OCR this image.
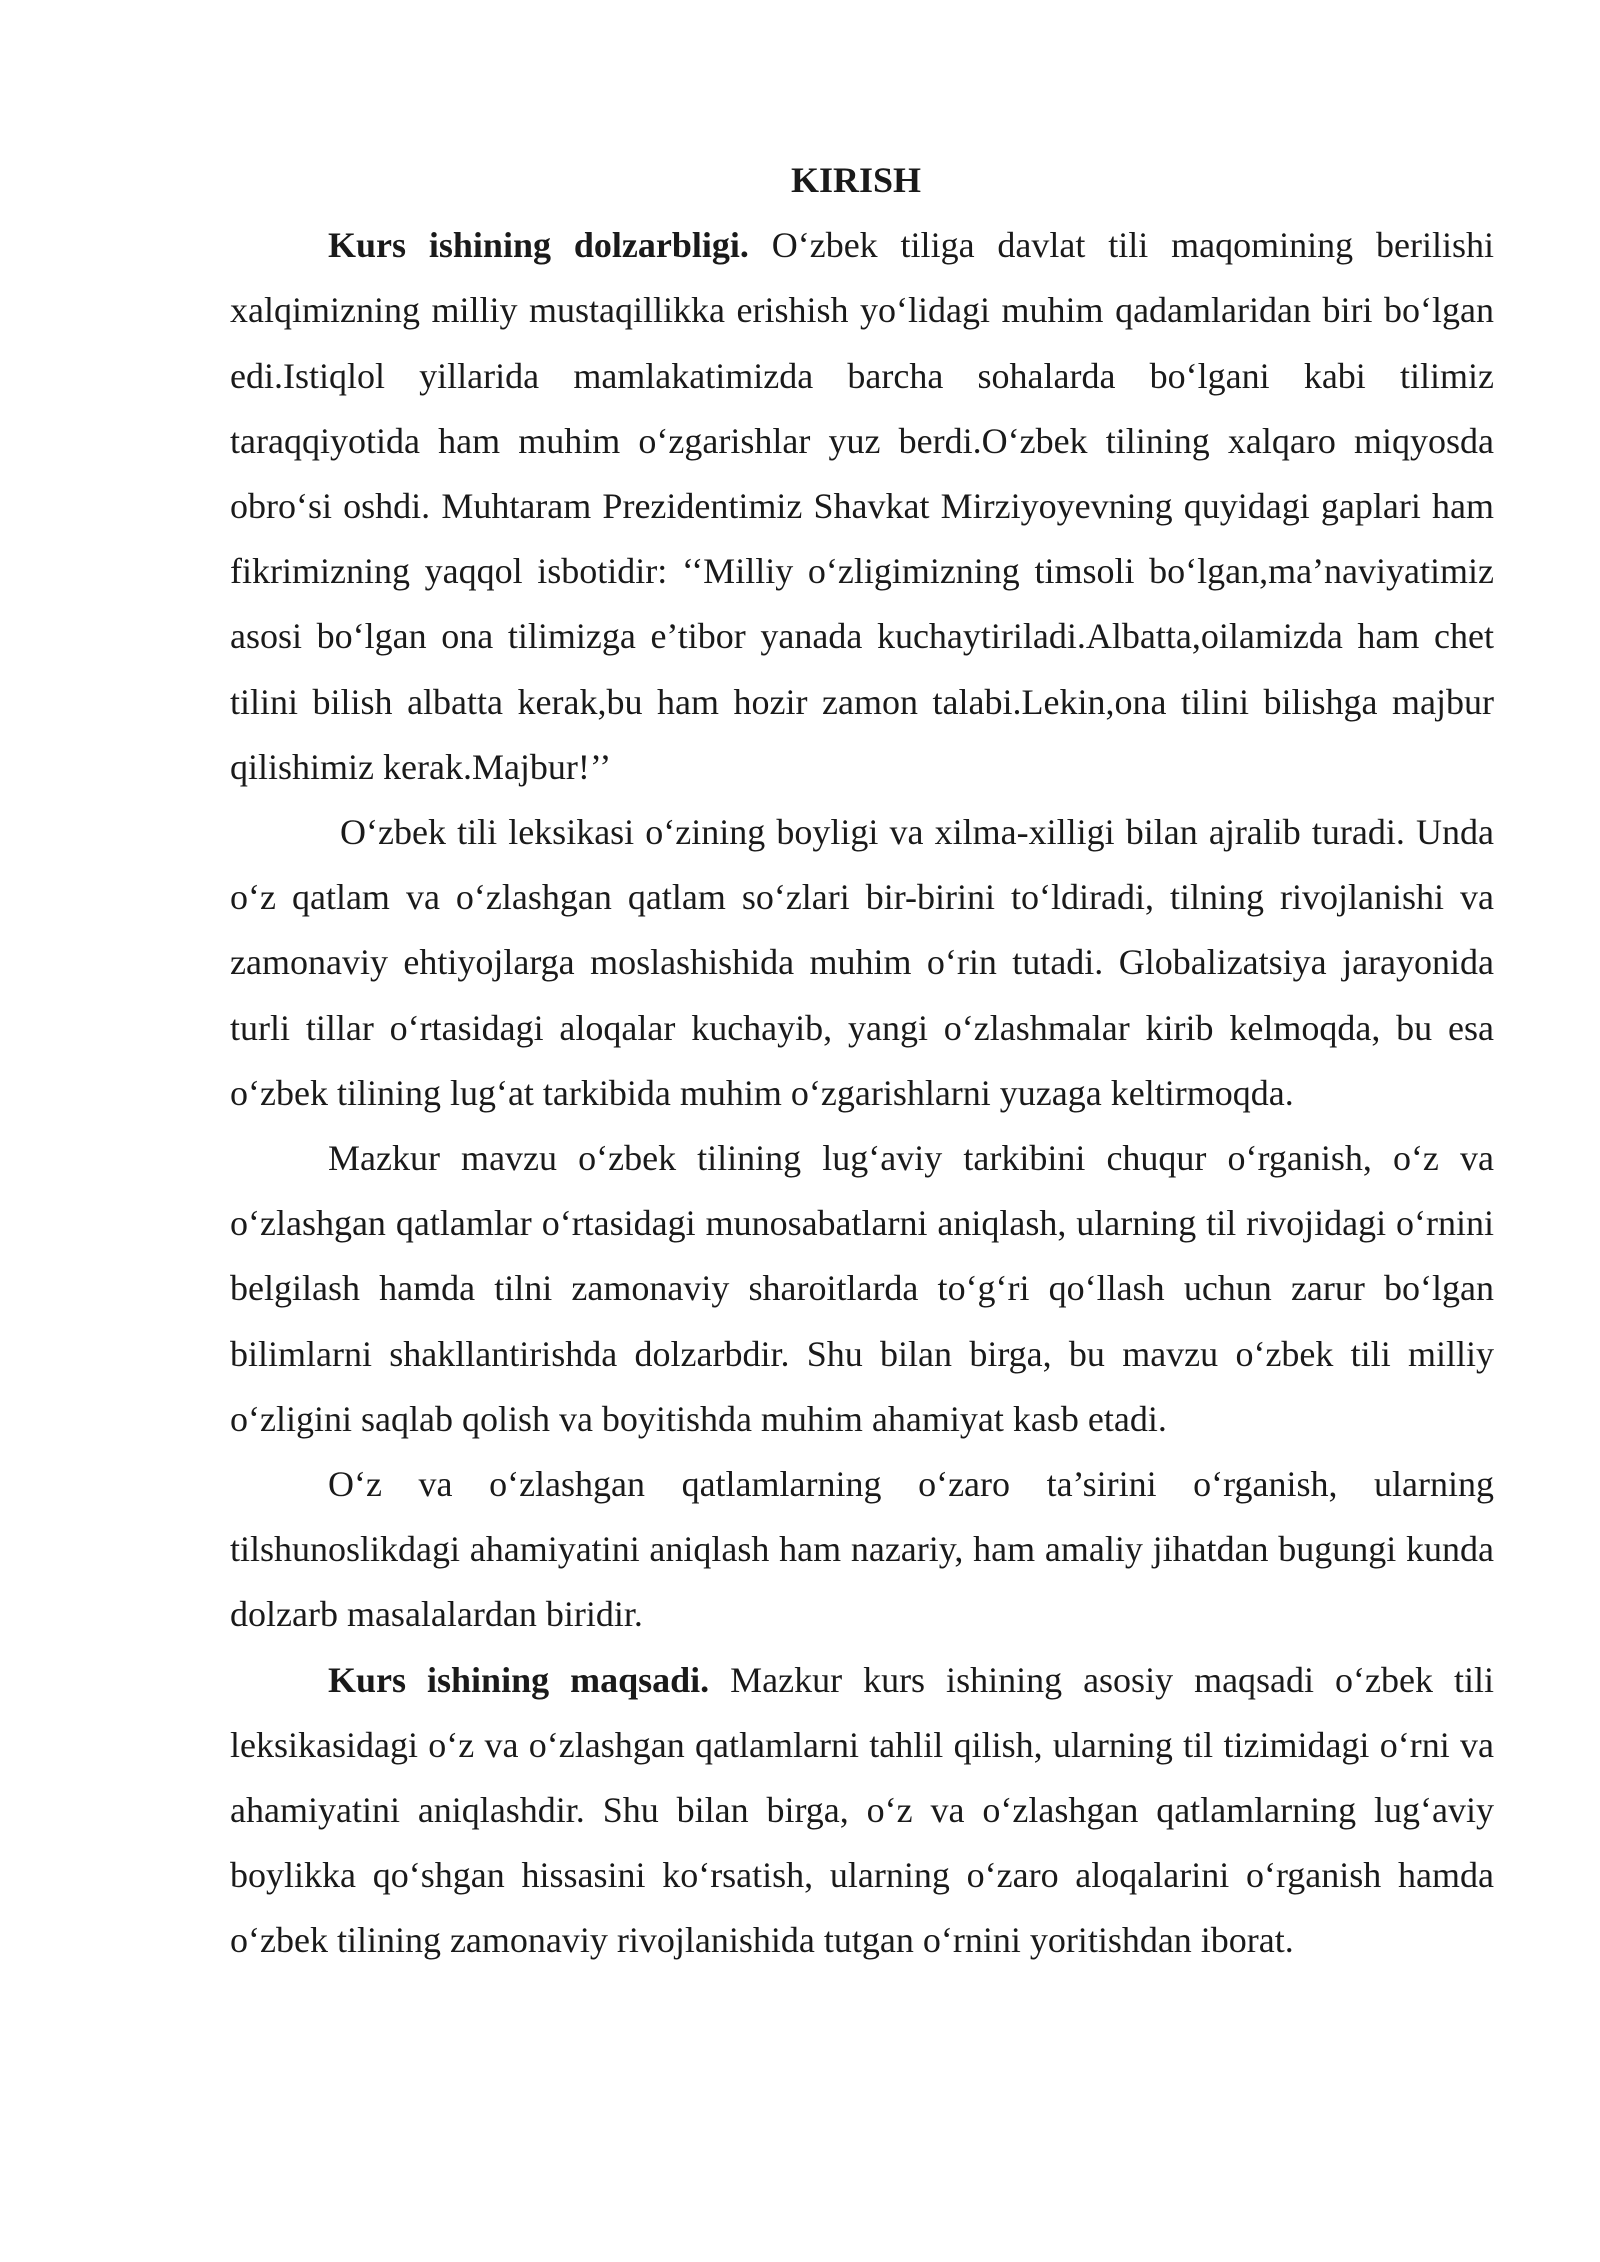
KIRISH

Kurs ishining dolzarbligi. O‘zbek tiliga davlat tili maqomining berilishi xalqimizning milliy mustaqillikka erishish yo‘lidagi muhim qadamlaridan biri bo‘lgan edi.Istiqlol yillarida mamlakatimizda barcha sohalarda bo‘lgani kabi tilimiz taraqqiyotida ham muhim o‘zgarishlar yuz berdi.O‘zbek tilining xalqaro miqyosda obro‘si oshdi. Muhtaram Prezidentimiz Shavkat Mirziyoyevning quyidagi gaplari ham fikrimizning yaqqol isbotidir: ‘‘Milliy o‘zligimizning timsoli bo‘lgan,ma’naviyatimiz asosi bo‘lgan ona tilimizga e’tibor yanada kuchaytiriladi.Albatta,oilamizda ham chet tilini bilish albatta kerak,bu ham hozir zamon talabi.Lekin,ona tilini bilishga majbur qilishimiz kerak.Majbur!’’

O‘zbek tili leksikasi o‘zining boyligi va xilma-xilligi bilan ajralib turadi. Unda o‘z qatlam va o‘zlashgan qatlam so‘zlari bir-birini to‘ldiradi, tilning rivojlanishi va zamonaviy ehtiyojlarga moslashishida muhim o‘rin tutadi. Globalizatsiya jarayonida turli tillar o‘rtasidagi aloqalar kuchayib, yangi o‘zlashmalar kirib kelmoqda, bu esa o‘zbek tilining lug‘at tarkibida muhim o‘zgarishlarni yuzaga keltirmoqda.

Mazkur mavzu o‘zbek tilining lug‘aviy tarkibini chuqur o‘rganish, o‘z va o‘zlashgan qatlamlar o‘rtasidagi munosabatlarni aniqlash, ularning til rivojidagi o‘rnini belgilash hamda tilni zamonaviy sharoitlarda to‘g‘ri qo‘llash uchun zarur bo‘lgan bilimlarni shakllantirishda dolzarbdir. Shu bilan birga, bu mavzu o‘zbek tili milliy o‘zligini saqlab qolish va boyitishda muhim ahamiyat kasb etadi.

O‘z va o‘zlashgan qatlamlarning o‘zaro ta’sirini o‘rganish, ularning tilshunoslikdagi ahamiyatini aniqlash ham nazariy, ham amaliy jihatdan bugungi kunda dolzarb masalalardan biridir.

Kurs ishining maqsadi. Mazkur kurs ishining asosiy maqsadi o‘zbek tili leksikasidagi o‘z va o‘zlashgan qatlamlarni tahlil qilish, ularning til tizimidagi o‘rni va ahamiyatini aniqlashdir. Shu bilan birga, o‘z va o‘zlashgan qatlamlarning lug‘aviy boylikka qo‘shgan hissasini ko‘rsatish, ularning o‘zaro aloqalarini o‘rganish hamda o‘zbek tilining zamonaviy rivojlanishida tutgan o‘rnini yoritishdan iborat.
